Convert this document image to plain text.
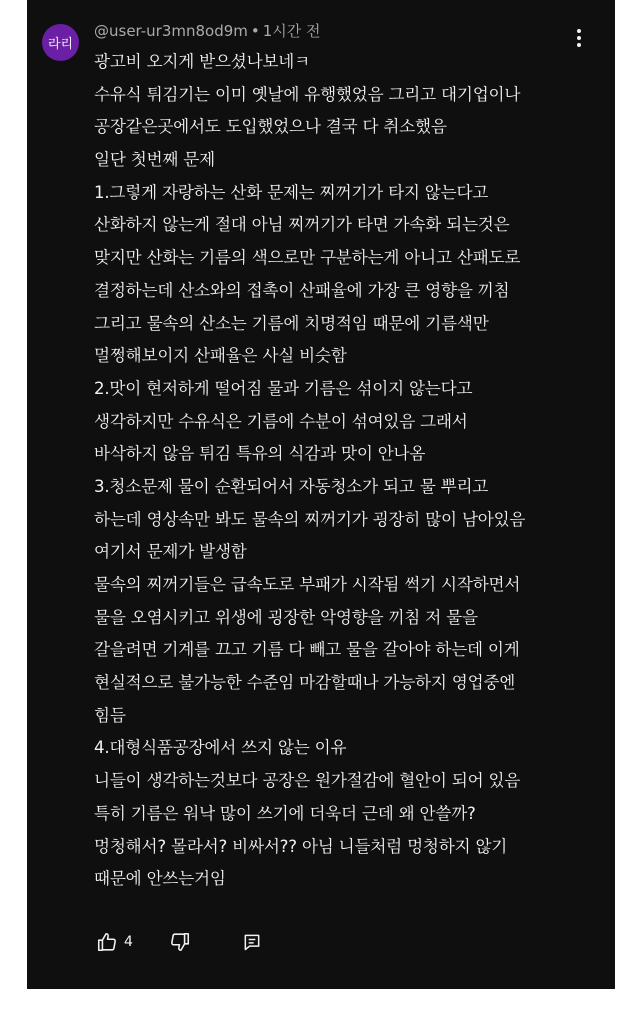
라리
@user-ur3mn8od9m • 1시간 전
광고비 오지게 받으셨나보네ㅋ
수유식 튀김기는 이미 옛날에 유행했었음 그리고 대기업이나
공장같은곳에서도 도입했었으나 결국 다 취소했음
일단 첫번째 문제
1.그렇게 자랑하는 산화 문제는 찌꺼기가 타지 않는다고
산화하지 않는게 절대 아님 찌꺼기가 타면 가속화 되는것은
맞지만 산화는 기름의 색으로만 구분하는게 아니고 산패도로
결정하는데 산소와의 접촉이 산패율에 가장 큰 영향을 끼침
그리고 물속의 산소는 기름에 치명적임 때문에 기름색만
멀쩡해보이지 산패율은 사실 비슷함
2.맛이 현저하게 떨어짐 물과 기름은 섞이지 않는다고
생각하지만 수유식은 기름에 수분이 섞여있음 그래서
바삭하지 않음 튀김 특유의 식감과 맛이 안나옴
3.청소문제 물이 순환되어서 자동청소가 되고 물 뿌리고
하는데 영상속만 봐도 물속의 찌꺼기가 굉장히 많이 남아있음
여기서 문제가 발생함
물속의 찌꺼기들은 급속도로 부패가 시작됨 썩기 시작하면서
물을 오염시키고 위생에 굉장한 악영향을 끼침 저 물을
갈을려면 기계를 끄고 기름 다 빼고 물을 갈아야 하는데 이게
현실적으로 불가능한 수준임 마감할때나 가능하지 영업중엔
힘듬
4.대형식품공장에서 쓰지 않는 이유
니들이 생각하는것보다 공장은 원가절감에 혈안이 되어 있음
특히 기름은 워낙 많이 쓰기에 더욱더 근데 왜 안쓸까?
멍청해서? 몰라서? 비싸서?? 아님 니들처럼 멍청하지 않기
때문에 안쓰는거임
4
